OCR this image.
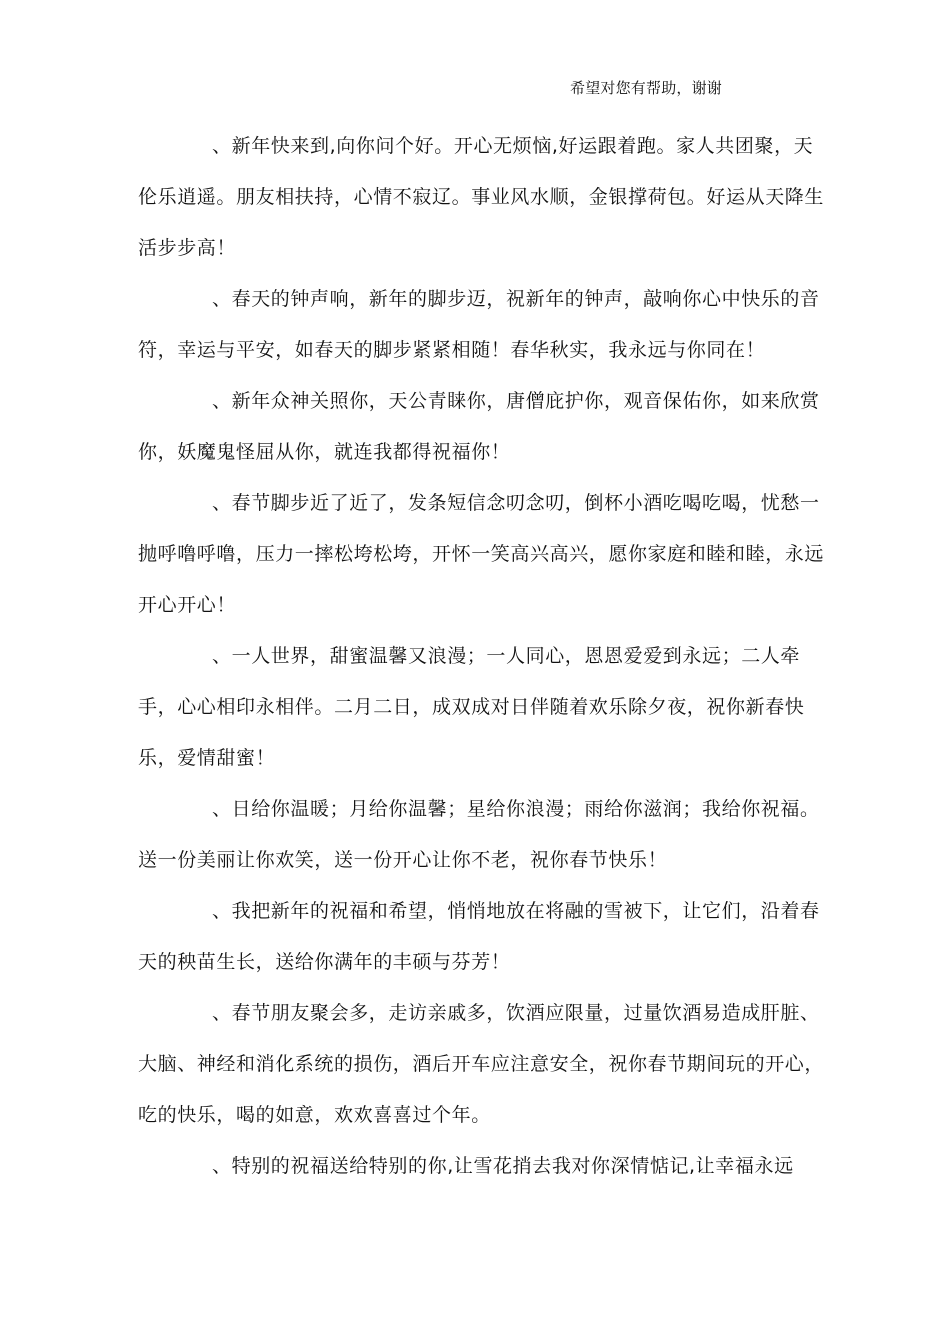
希望对您有帮助，谢谢

、新年快来到,向你问个好。开心无烦恼,好运跟着跑。家人共团聚，天伦乐逍遥。朋友相扶持，心情不寂辽。事业风水顺，金银撑荷包。好运从天降生活步步高！

、春天的钟声响，新年的脚步迈，祝新年的钟声，敲响你心中快乐的音符，幸运与平安，如春天的脚步紧紧相随！春华秋实，我永远与你同在！

、新年众神关照你，天公青睐你，唐僧庇护你，观音保佑你，如来欣赏你，妖魔鬼怪屈从你，就连我都得祝福你！

、春节脚步近了近了，发条短信念叨念叨，倒杯小酒吃喝吃喝，忧愁一抛呼噜呼噜，压力一摔松垮松垮，开怀一笑高兴高兴，愿你家庭和睦和睦，永远开心开心！

、一人世界，甜蜜温馨又浪漫；一人同心，恩恩爱爱到永远；二人牵手，心心相印永相伴。二月二日，成双成对日伴随着欢乐除夕夜，祝你新春快乐，爱情甜蜜！

、日给你温暖；月给你温馨；星给你浪漫；雨给你滋润；我给你祝福。送一份美丽让你欢笑，送一份开心让你不老，祝你春节快乐！

、我把新年的祝福和希望，悄悄地放在将融的雪被下，让它们，沿着春天的秧苗生长，送给你满年的丰硕与芬芳！

、春节朋友聚会多，走访亲戚多，饮酒应限量，过量饮酒易造成肝脏、大脑、神经和消化系统的损伤，酒后开车应注意安全，祝你春节期间玩的开心，吃的快乐，喝的如意，欢欢喜喜过个年。

、特别的祝福送给特别的你,让雪花捎去我对你深情惦记,让幸福永远
